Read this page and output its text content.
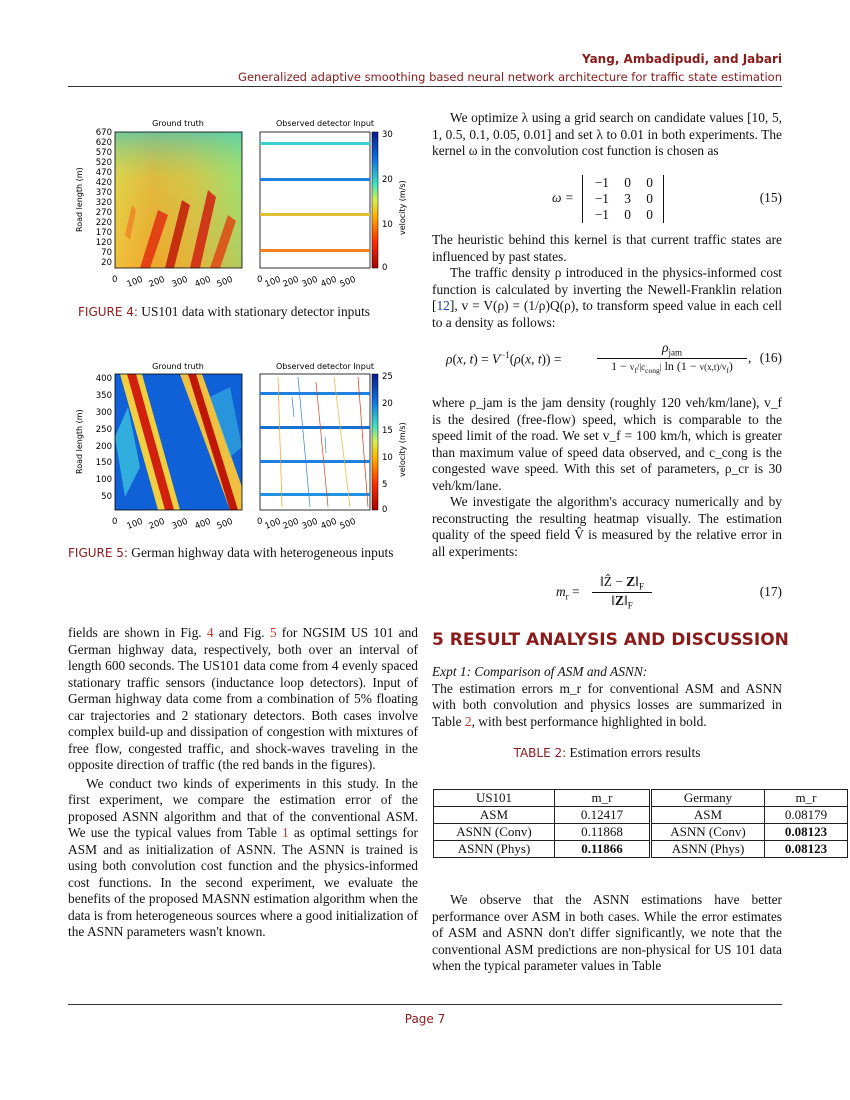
Yang, Ambadipudi, and Jabari
Generalized adaptive smoothing based neural network architecture for traffic state estimation
Ground truth	Observed detector Input
670
620
570
520
470
420
370
320
270
220
170
120
70
20
Road length (m)
0 100 200 300 400 500	0 100 200 300 400 500
30
20
10
0
velocity (m/s)
FIGURE 4: US101 data with stationary detector inputs
Ground truth	Observed detector Input
400
350
300
250
200
150
100
50
Road length (m)
0 100 200 300 400 500	0 100 200 300 400 500
25
20
15
10
5
0
velocity (m/s)
FIGURE 5: German highway data with heterogeneous inputs

fields are shown in Fig. 4 and Fig. 5 for NGSIM US 101 and German highway data, respectively, both over an interval of length 600 seconds. The US101 data come from 4 evenly spaced stationary traffic sensors (inductance loop detectors). Input of German highway data come from a combination of 5% floating car trajectories and 2 stationary detectors. Both cases involve complex build-up and dissipation of congestion with mixtures of free flow, congested traffic, and shock-waves traveling in the opposite direction of traffic (the red bands in the figures).

We conduct two kinds of experiments in this study. In the first experiment, we compare the estimation error of the proposed ASNN algorithm and that of the conventional ASM. We use the typical values from Table 1 as optimal settings for ASM and as initialization of ASNN. The ASNN is trained is using both convolution cost function and the physics-informed cost functions. In the second experiment, we evaluate the benefits of the proposed MASNN estimation algorithm when the data is from heterogeneous sources where a good initialization of the ASNN parameters wasn't known.

We optimize λ using a grid search on candidate values [10, 5, 1, 0.5, 0.1, 0.05, 0.01] and set λ to 0.01 in both experiments. The kernel ω in the convolution cost function is chosen as

ω =
−1	0	0
−1	3	0
−1	0	0
(15)

The heuristic behind this kernel is that current traffic states are influenced by past states.

The traffic density ρ introduced in the physics-informed cost function is calculated by inverting the Newell-Franklin relation [12], v = V(ρ) = (1/ρ)Q(ρ), to transform speed value in each cell to a density as follows:

ρ(x, $t) = V^{-1}(\rho(x$, t)) =
$\rho_{jam}$
$1 - v_f/|c_{cong}|$ $\ln (1 - v(x,t)/v_f)$
, (16)

where ρ_jam is the jam density (roughly 120 veh/km/lane), v_f is the desired (free-flow) speed, which is comparable to the speed limit of the road. We set v_f = 100 km/h, which is greater than maximum value of speed data observed, and c_cong is the congested wave speed. With this set of parameters, ρ_cr is 30 veh/km/lane.

We investigate the algorithm's accuracy numerically and by reconstructing the resulting heatmap visually. The estimation quality of the speed field V̂ is measured by the relative error in all experiments:

$m_r$ =
‖Ẑ − $Z‖_F$
$‖Z‖_F$
(17)
5 RESULT ANALYSIS AND DISCUSSION

Expt 1: Comparison of ASM and ASNN:

The estimation errors m_r for conventional ASM and ASNN with both convolution and physics losses are summarized in Table 2, with best performance highlighted in bold.

TABLE 2: Estimation errors results
US101	m_r	Germany	m_r
ASM	0.12417	ASM	0.08179
ASNN (Conv)	0.11868	ASNN (Conv)	0.08123
ASNN (Phys)	0.11866	ASNN (Phys)	0.08123

We observe that the ASNN estimations have better performance over ASM in both cases. While the error estimates of ASM and ASNN don't differ significantly, we note that the conventional ASM predictions are non-physical for US 101 data when the typical parameter values in Table

Page 7
